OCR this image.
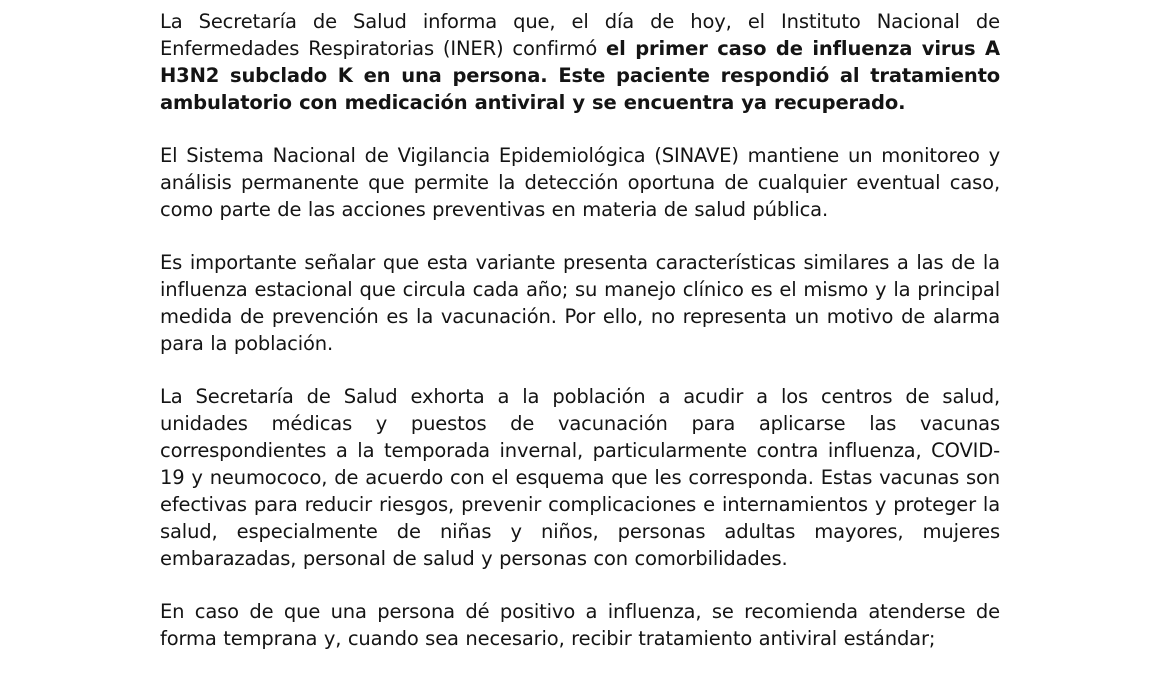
La Secretaría de Salud informa que, el día de hoy, el Instituto Nacional de Enfermedades Respiratorias (INER) confirmó el primer caso de influenza virus A H3N2 subclado K en una persona. Este paciente respondió al tratamiento ambulatorio con medicación antiviral y se encuentra ya recuperado.

El Sistema Nacional de Vigilancia Epidemiológica (SINAVE) mantiene un monitoreo y análisis permanente que permite la detección oportuna de cualquier eventual caso, como parte de las acciones preventivas en materia de salud pública.

Es importante señalar que esta variante presenta características similares a las de la influenza estacional que circula cada año; su manejo clínico es el mismo y la principal medida de prevención es la vacunación. Por ello, no representa un motivo de alarma para la población.

La Secretaría de Salud exhorta a la población a acudir a los centros de salud, unidades médicas y puestos de vacunación para aplicarse las vacunas correspondientes a la temporada invernal, particularmente contra influenza, COVID-19 y neumococo, de acuerdo con el esquema que les corresponda. Estas vacunas son efectivas para reducir riesgos, prevenir complicaciones e internamientos y proteger la salud, especialmente de niñas y niños, personas adultas mayores, mujeres embarazadas, personal de salud y personas con comorbilidades.

En caso de que una persona dé positivo a influenza, se recomienda atenderse de forma temprana y, cuando sea necesario, recibir tratamiento antiviral estándar;
